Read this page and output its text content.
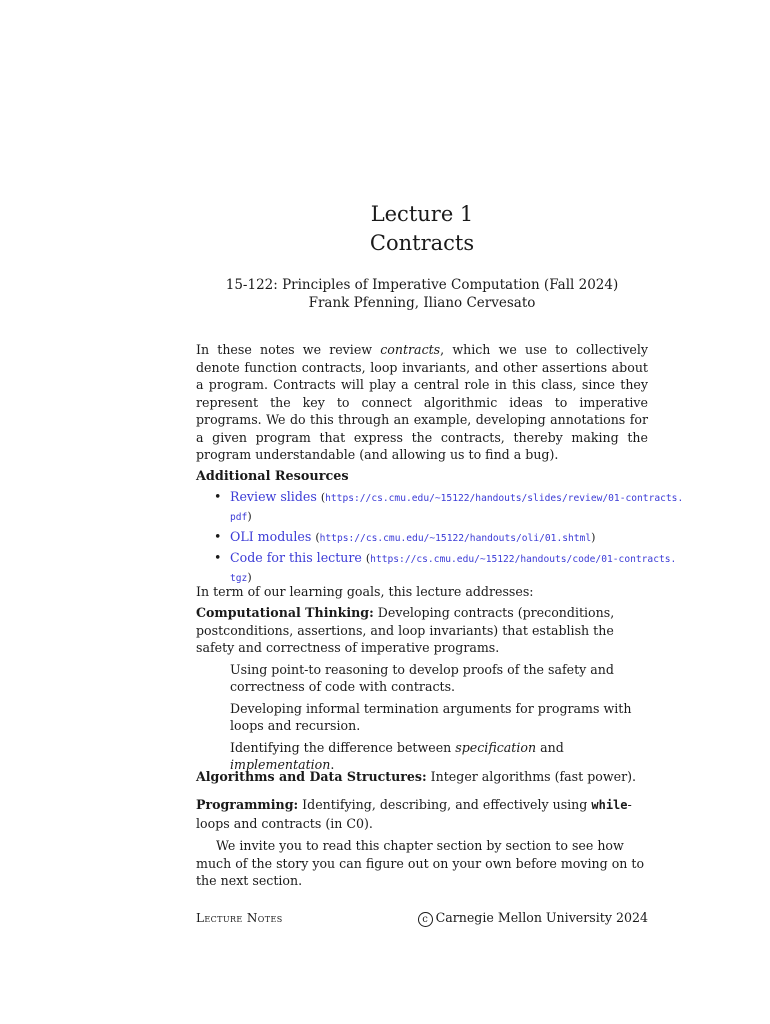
Lecture 1
Contracts
15-122: Principles of Imperative Computation (Fall 2024)
Frank Pfenning, Iliano Cervesato
In these notes we review contracts, which we use to collectively denote function contracts, loop invariants, and other assertions about a program. Contracts will play a central role in this class, since they represent the key to connect algorithmic ideas to imperative programs. We do this through an example, developing annotations for a given program that express the contracts, thereby making the program understandable (and allowing us to find a bug).
Additional Resources
• Review slides (https://cs.cmu.edu/~15122/handouts/slides/review/01-contracts.
pdf)
• OLI modules (https://cs.cmu.edu/~15122/handouts/oli/01.shtml)
• Code for this lecture (https://cs.cmu.edu/~15122/handouts/code/01-contracts.
tgz)
In term of our learning goals, this lecture addresses:

Computational Thinking: Developing contracts (preconditions, postconditions, assertions, and loop invariants) that establish the safety and correctness of imperative programs.

Using point-to reasoning to develop proofs of the safety and correctness of code with contracts.

Developing informal termination arguments for programs with loops and recursion.

Identifying the difference between specification and implementation.

Algorithms and Data Structures: Integer algorithms (fast power).
Programming: Identifying, describing, and effectively using while-loops and contracts (in C0).
We invite you to read this chapter section by section to see how much of the story you can figure out on your own before moving on to the next section.
Lecture Notes	c Carnegie Mellon University 2024
